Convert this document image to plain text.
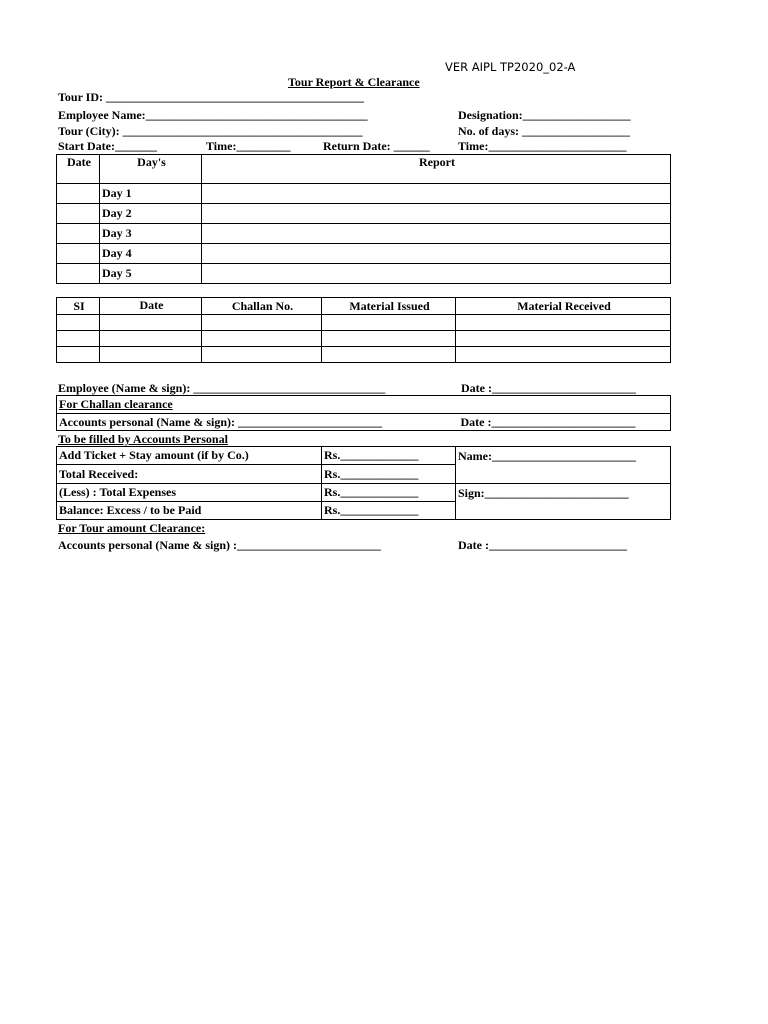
VER AIPL TP2020_02-A
Tour Report & Clearance
Tour ID: ___________________________________________
Employee Name:_____________________________________	Designation:__________________
Tour (City): ________________________________________	No. of days: __________________
Start Date:_______	Time:_________	Return Date: ______ Time:_______________________
Date	Day's	Report
	Day 1	
	Day 2	
	Day 3	
	Day 4	
	Day 5	
SI	Date	Challan No.	Material Issued	Material Received

Employee (Name & sign): ________________________________	Date :________________________
For Challan clearance
Accounts personal (Name & sign): ________________________	Date :________________________
To be filled by Accounts Personal
Add Ticket + Stay amount (if by Co.)	Rs._____________	Name:________________________
Total Received:	Rs._____________	
(Less) : Total Expenses	Rs._____________	Sign:________________________
Balance: Excess / to be Paid	Rs._____________	
For Tour amount Clearance:
Accounts personal (Name & sign) :________________________	Date :_______________________
